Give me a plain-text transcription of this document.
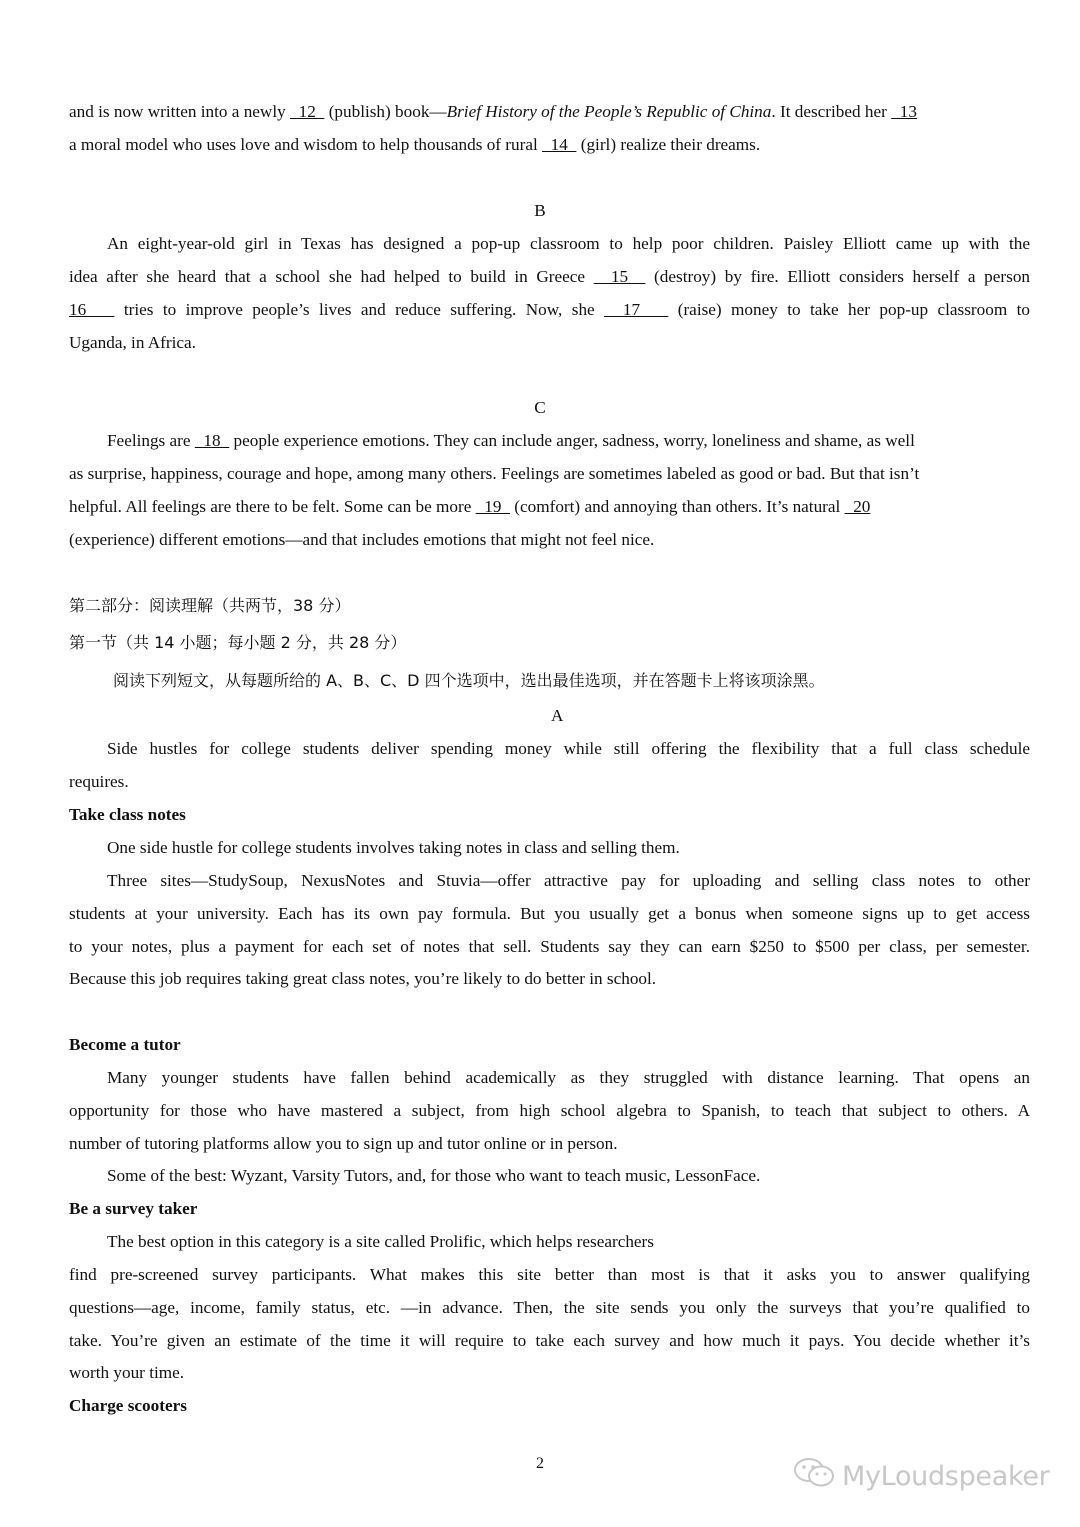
and is now written into a newly   12   (publish) book—Brief History of the People’s Republic of China. It described her   13
a moral model who uses love and wisdom to help thousands of rural   14   (girl) realize their dreams.
B
An eight-year-old girl in Texas has designed a pop-up classroom to help poor children. Paisley Elliott came up with the
idea after she heard that a school she had helped to build in Greece   15   (destroy) by fire. Elliott considers herself a person
16    tries to improve people’s lives and reduce suffering. Now, she   17    (raise) money to take her pop-up classroom to
Uganda, in Africa.
C
Feelings are   18   people experience emotions. They can include anger, sadness, worry, loneliness and shame, as well
as surprise, happiness, courage and hope, among many others. Feelings are sometimes labeled as good or bad. But that isn’t
helpful. All feelings are there to be felt. Some can be more   19   (comfort) and annoying than others. It’s natural   20
(experience) different emotions—and that includes emotions that might not feel nice.
第二部分：阅读理解（共两节，38 分）
第一节（共 14 小题；每小题 2 分，共 28 分）
阅读下列短文，从每题所给的 A、B、C、D 四个选项中，选出最佳选项，并在答题卡上将该项涂黑。
A
Side hustles for college students deliver spending money while still offering the flexibility that a full class schedule
requires.
Take class notes
One side hustle for college students involves taking notes in class and selling them.
Three sites—StudySoup, NexusNotes and Stuvia—offer attractive pay for uploading and selling class notes to other
students at your university. Each has its own pay formula. But you usually get a bonus when someone signs up to get access
to your notes, plus a payment for each set of notes that sell. Students say they can earn $250 to $500 per class, per semester.
Because this job requires taking great class notes, you’re likely to do better in school.
Become a tutor
Many younger students have fallen behind academically as they struggled with distance learning. That opens an
opportunity for those who have mastered a subject, from high school algebra to Spanish, to teach that subject to others. A
number of tutoring platforms allow you to sign up and tutor online or in person.
Some of the best: Wyzant, Varsity Tutors, and, for those who want to teach music, LessonFace.
Be a survey taker
The best option in this category is a site called Prolific, which helps researchers
find pre-screened survey participants. What makes this site better than most is that it asks you to answer qualifying
questions—age, income, family status, etc. —in advance. Then, the site sends you only the surveys that you’re qualified to
take. You’re given an estimate of the time it will require to take each survey and how much it pays. You decide whether it’s
worth your time.
Charge scooters
2	MyLoudspeaker
